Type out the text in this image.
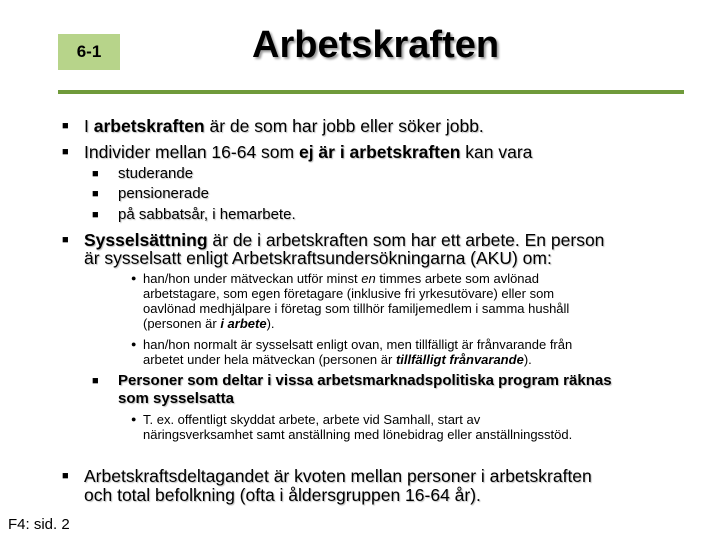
6-1	Arbetskraften
■ I arbetskraften är de som har jobb eller söker jobb.
■ Individer mellan 16-64 som ej är i arbetskraften kan vara
■ studerande
■ pensionerade
■ på sabbatsår, i hemarbete.
■ Sysselsättning är de i arbetskraften som har ett arbete. En person
är sysselsatt enligt Arbetskraftsundersökningarna (AKU) om:
● han/hon under mätveckan utför minst en timmes arbete som avlönad
arbetstagare, som egen företagare (inklusive fri yrkesutövare) eller som
oavlönad medhjälpare i företag som tillhör familjemedlem i samma hushåll
(personen är i arbete).
● han/hon normalt är sysselsatt enligt ovan, men tillfälligt är frånvarande från
arbetet under hela mätveckan (personen är tillfälligt frånvarande).
■ Personer som deltar i vissa arbetsmarknadspolitiska program räknas
som sysselsatta
● T. ex. offentligt skyddat arbete, arbete vid Samhall, start av
näringsverksamhet samt anställning med lönebidrag eller anställningsstöd.
■ Arbetskraftsdeltagandet är kvoten mellan personer i arbetskraften
och total befolkning (ofta i åldersgruppen 16-64 år).
F4: sid. 2
